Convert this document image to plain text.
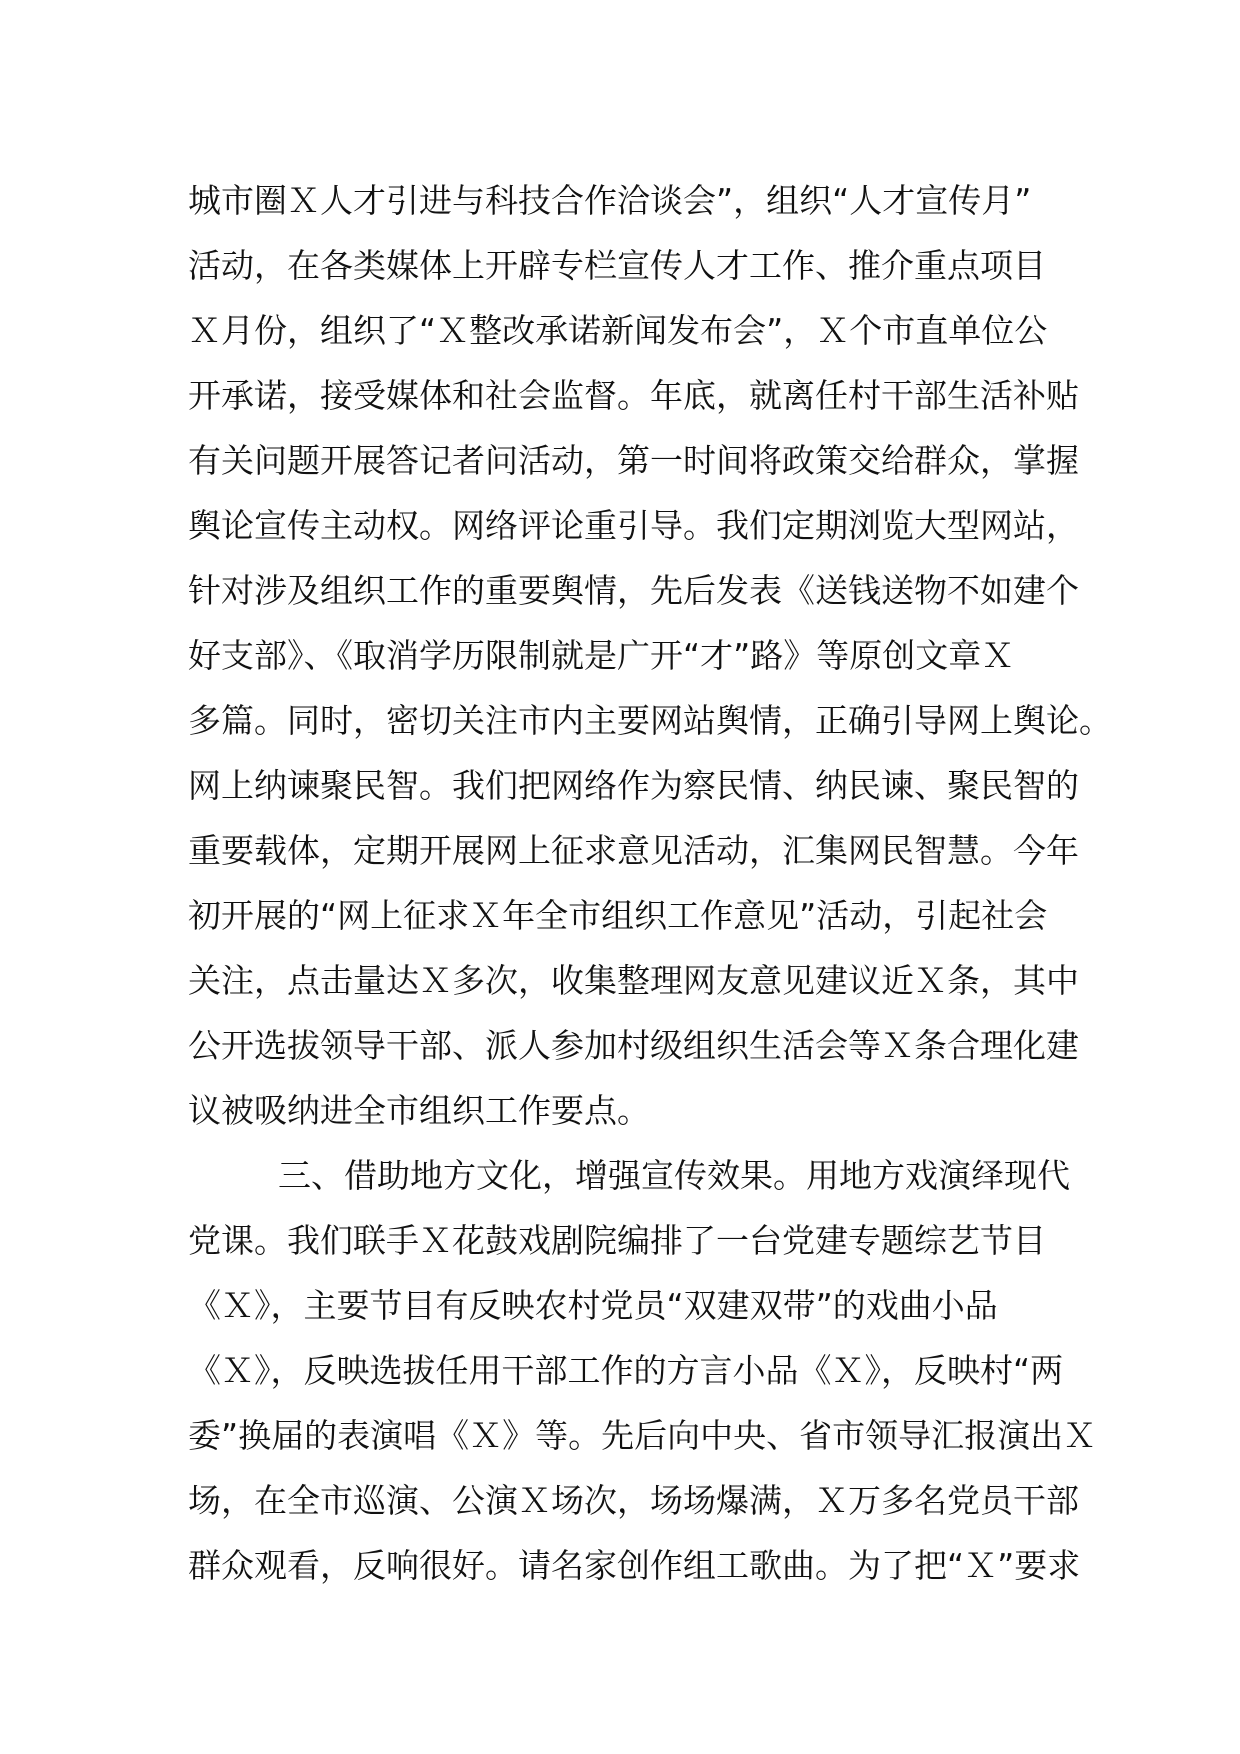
城市圈Ｘ人才引进与科技合作洽谈会”，组织“人才宣传月”
活动，在各类媒体上开辟专栏宣传人才工作、推介重点项目
Ｘ月份，组织了“Ｘ整改承诺新闻发布会”，Ｘ个市直单位公
开承诺，接受媒体和社会监督。年底，就离任村干部生活补贴
有关问题开展答记者问活动，第一时间将政策交给群众，掌握
舆论宣传主动权。网络评论重引导。我们定期浏览大型网站，
针对涉及组织工作的重要舆情，先后发表《送钱送物不如建个
好支部》、《取消学历限制就是广开“才”路》等原创文章Ｘ
多篇。同时，密切关注市内主要网站舆情，正确引导网上舆论。
网上纳谏聚民智。我们把网络作为察民情、纳民谏、聚民智的
重要载体，定期开展网上征求意见活动，汇集网民智慧。今年
初开展的“网上征求Ｘ年全市组织工作意见”活动，引起社会
关注，点击量达Ｘ多次，收集整理网友意见建议近Ｘ条，其中
公开选拔领导干部、派人参加村级组织生活会等Ｘ条合理化建
议被吸纳进全市组织工作要点。
三、借助地方文化，增强宣传效果。用地方戏演绎现代
党课。我们联手Ｘ花鼓戏剧院编排了一台党建专题综艺节目
《Ｘ》，主要节目有反映农村党员“双建双带”的戏曲小品
《Ｘ》，反映选拔任用干部工作的方言小品《Ｘ》，反映村“两
委”换届的表演唱《Ｘ》等。先后向中央、省市领导汇报演出Ｘ
场，在全市巡演、公演Ｘ场次，场场爆满，Ｘ万多名党员干部
群众观看，反响很好。请名家创作组工歌曲。为了把“Ｘ”要求
